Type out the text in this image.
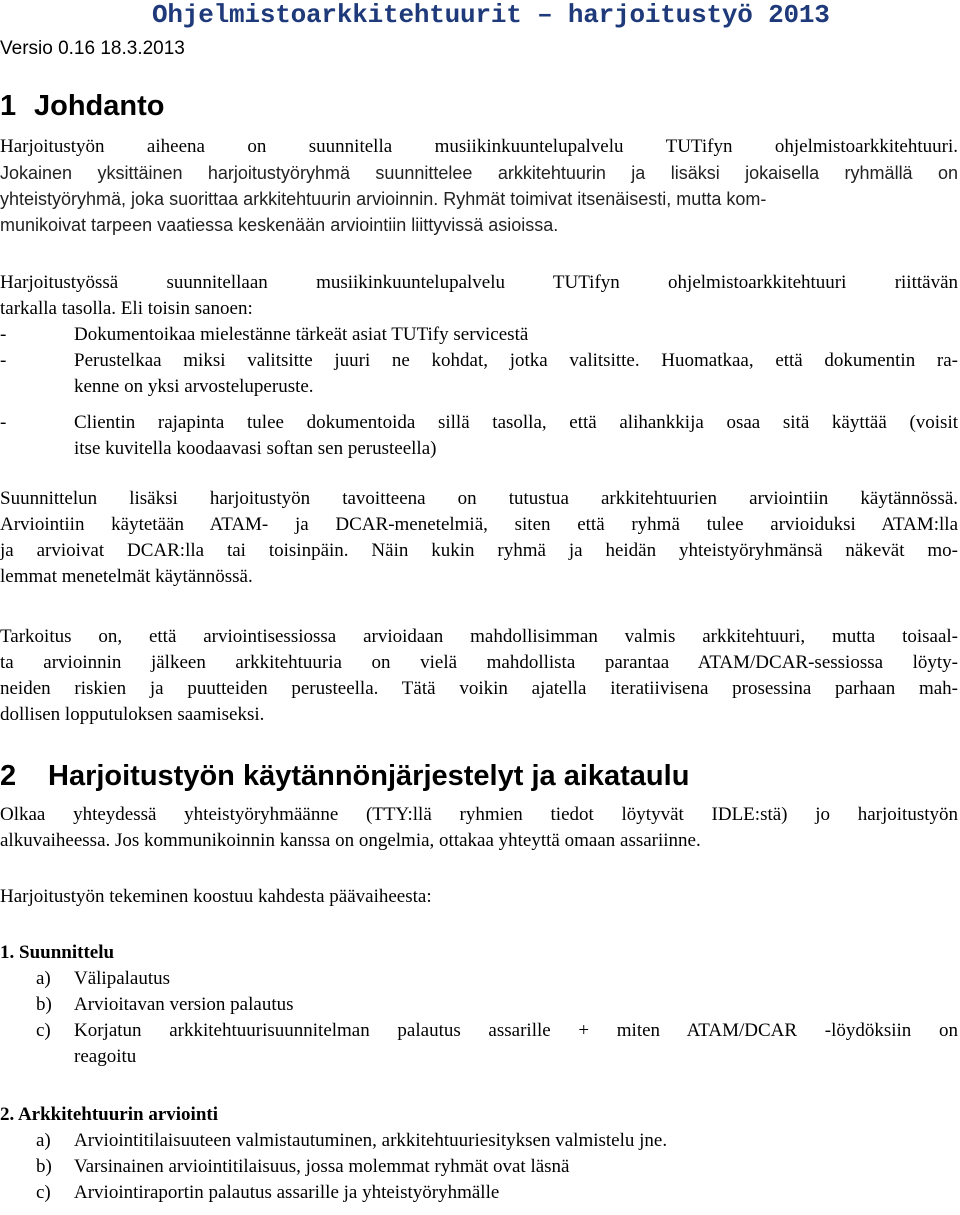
Ohjelmistoarkkitehtuurit – harjoitustyö 2013
Versio 0.16 18.3.2013
1 Johdanto
Harjoitustyön aiheena on suunnitella musiikinkuuntelupalvelu TUTifyn ohjelmistoarkkitehtuuri.
Jokainen yksittäinen harjoitustyöryhmä suunnittelee arkkitehtuurin ja lisäksi jokaisella ryhmällä on
yhteistyöryhmä, joka suorittaa arkkitehtuurin arvioinnin. Ryhmät toimivat itsenäisesti, mutta kom-
munikoivat tarpeen vaatiessa keskenään arviointiin liittyvissä asioissa.
Harjoitustyössä suunnitellaan musiikinkuuntelupalvelu TUTifyn ohjelmistoarkkitehtuuri riittävän
tarkalla tasolla. Eli toisin sanoen:
-	Dokumentoikaa mielestänne tärkeät asiat TUTify servicestä
-	Perustelkaa miksi valitsitte juuri ne kohdat, jotka valitsitte. Huomatkaa, että dokumentin ra-
kenne on yksi arvosteluperuste.
-	Clientin rajapinta tulee dokumentoida sillä tasolla, että alihankkija osaa sitä käyttää (voisit
itse kuvitella koodaavasi softan sen perusteella)
Suunnittelun lisäksi harjoitustyön tavoitteena on tutustua arkkitehtuurien arviointiin käytännössä.
Arviointiin käytetään ATAM- ja DCAR-menetelmiä, siten että ryhmä tulee arvioiduksi ATAM:lla
ja arvioivat DCAR:lla tai toisinpäin. Näin kukin ryhmä ja heidän yhteistyöryhmänsä näkevät mo-
lemmat menetelmät käytännössä.
Tarkoitus on, että arviointisessiossa arvioidaan mahdollisimman valmis arkkitehtuuri, mutta toisaal-
ta arvioinnin jälkeen arkkitehtuuria on vielä mahdollista parantaa ATAM/DCAR-sessiossa löyty-
neiden riskien ja puutteiden perusteella. Tätä voikin ajatella iteratiivisena prosessina parhaan mah-
dollisen lopputuloksen saamiseksi.
2 Harjoitustyön käytännönjärjestelyt ja aikataulu
Olkaa yhteydessä yhteistyöryhmäänne (TTY:llä ryhmien tiedot löytyvät IDLE:stä) jo harjoitustyön
alkuvaiheessa. Jos kommunikoinnin kanssa on ongelmia, ottakaa yhteyttä omaan assariinne.
Harjoitustyön tekeminen koostuu kahdesta päävaiheesta:
1. Suunnittelu
a) Välipalautus
b) Arvioitavan version palautus
c) Korjatun arkkitehtuurisuunnitelman palautus assarille + miten ATAM/DCAR -löydöksiin on
reagoitu
2. Arkkitehtuurin arviointi
a) Arviointitilaisuuteen valmistautuminen, arkkitehtuuriesityksen valmistelu jne.
b) Varsinainen arviointitilaisuus, jossa molemmat ryhmät ovat läsnä
c) Arviointiraportin palautus assarille ja yhteistyöryhmälle
